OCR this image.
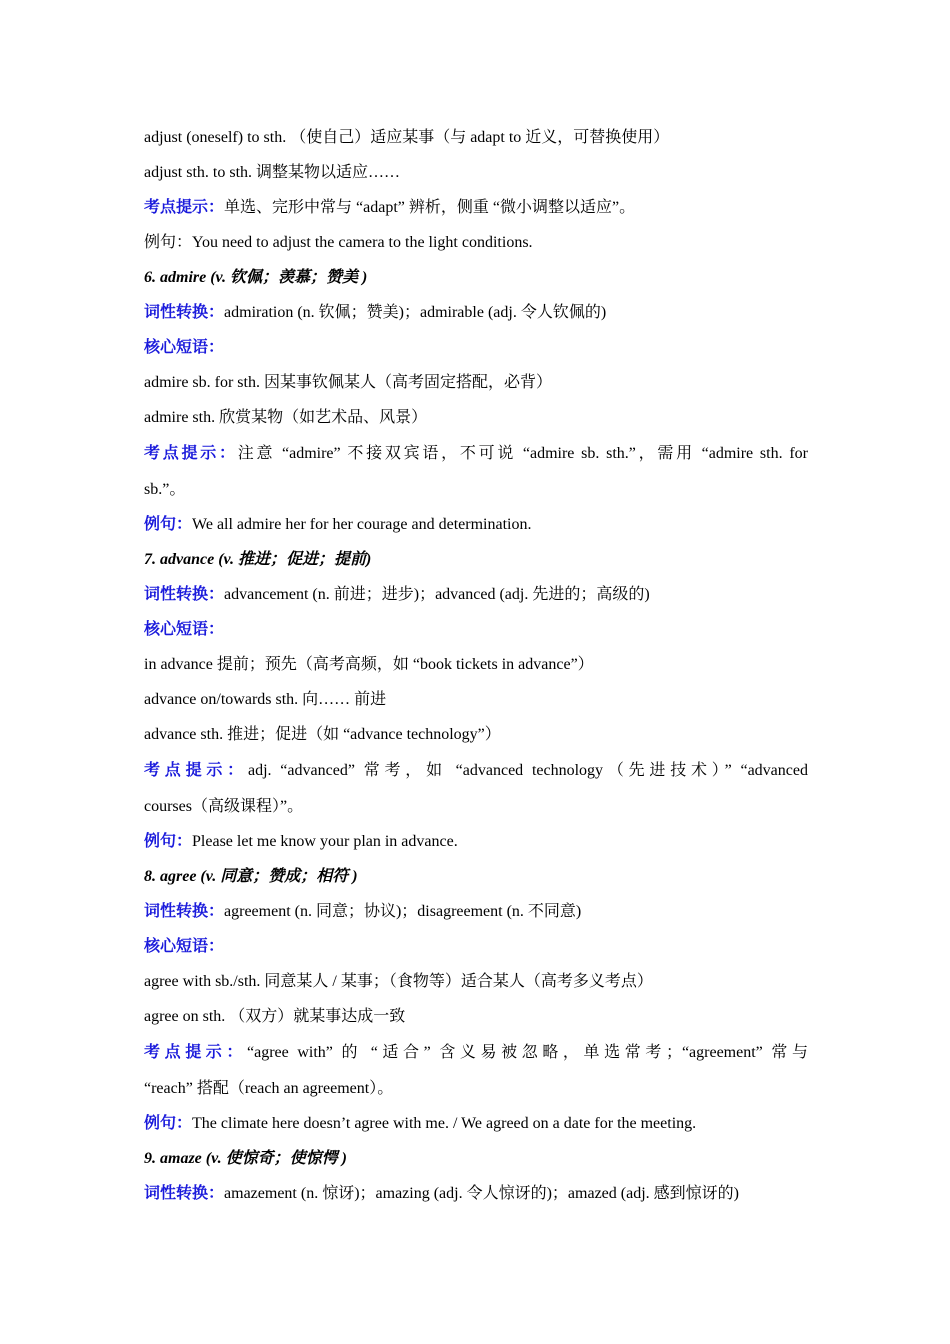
adjust (oneself) to sth. （使自己）适应某事（与 adapt to 近义，可替换使用）
adjust sth. to sth. 调整某物以适应……
考点提示：单选、完形中常与 “adapt” 辨析，侧重 “微小调整以适应”。
例句：You need to adjust the camera to the light conditions.
6. admire (v. 钦佩；羡慕；赞美 )
词性转换：admiration (n. 钦佩；赞美)；admirable (adj. 令人钦佩的)
核心短语：
admire sb. for sth. 因某事钦佩某人（高考固定搭配，必背）
admire sth. 欣赏某物（如艺术品、风景）
考点提示：注意 “admire” 不接双宾语，不可说 “admire sb. sth.”，需用 “admire sth. for
sb.”。
例句：We all admire her for her courage and determination.
7. advance (v. 推进；促进；提前)
词性转换：advancement (n. 前进；进步)；advanced (adj. 先进的；高级的)
核心短语：
in advance 提前；预先（高考高频，如 “book tickets in advance”）
advance on/towards sth. 向…… 前进
advance sth. 推进；促进（如 “advance technology”）
考点提示：adj. “advanced” 常考，如 “advanced technology（先进技术）” “advanced
courses（高级课程）”。
例句：Please let me know your plan in advance.
8. agree (v. 同意；赞成；相符 )
词性转换：agreement (n. 同意；协议)；disagreement (n. 不同意)
核心短语：
agree with sb./sth. 同意某人 / 某事；（食物等）适合某人（高考多义考点）
agree on sth. （双方）就某事达成一致
考点提示：“agree with” 的 “适合” 含义易被忽略，单选常考；“agreement” 常与
“reach” 搭配（reach an agreement）。
例句：The climate here doesn’t agree with me. / We agreed on a date for the meeting.
9. amaze (v. 使惊奇；使惊愕 )
词性转换：amazement (n. 惊讶)；amazing (adj. 令人惊讶的)；amazed (adj. 感到惊讶的)
